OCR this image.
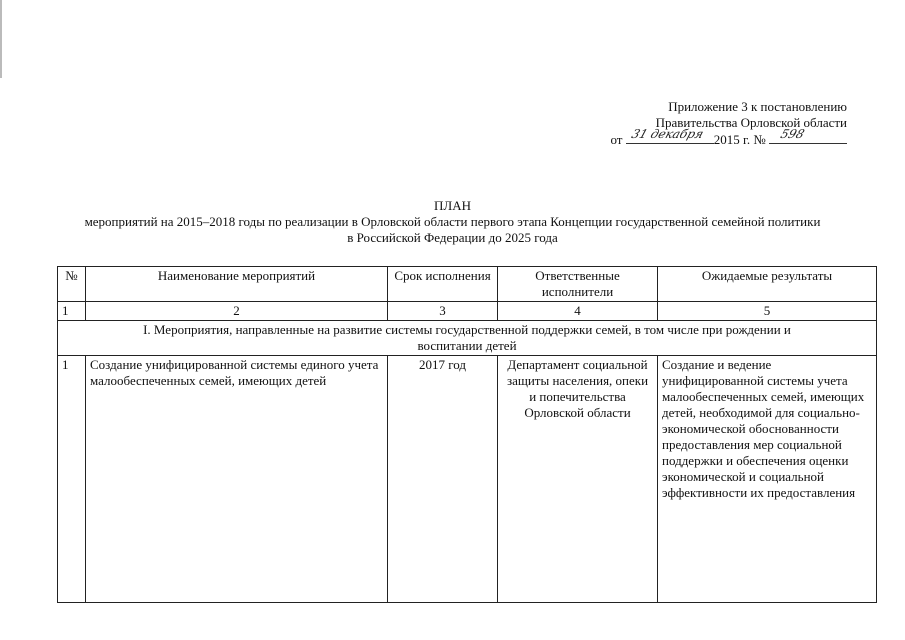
Приложение 3 к постановлению
Правительства Орловской области
от 31 декабря 2015 г. № 598
ПЛАН
мероприятий на 2015–2018 годы по реализации в Орловской области первого этапа Концепции государственной семейной политики в Российской Федерации до 2025 года
№	Наименование мероприятий	Срок исполнения	Ответственные исполнители	Ожидаемые результаты
1	2	3	4	5
I. Мероприятия, направленные на развитие системы государственной поддержки семей, в том числе при рождении и воспитании детей				
1	Создание унифицированной системы единого учета малообеспеченных семей, имеющих детей	2017 год	Департамент социальной защиты населения, опеки и попечительства Орловской области	Создание и ведение унифицированной системы учета малообеспеченных семей, имеющих детей, необходимой для социально-экономической обоснованности предоставления мер социальной поддержки и обеспечения оценки экономической и социальной эффективности их предоставления
